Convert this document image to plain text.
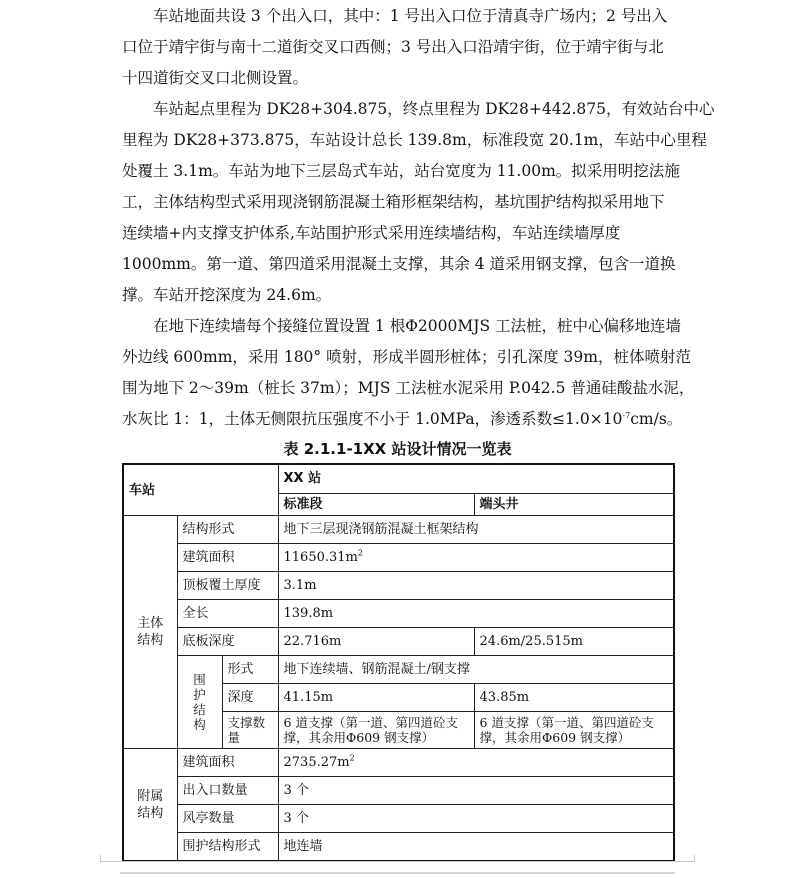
车站地面共设 3 个出入口，其中：1 号出入口位于清真寺广场内；2 号出入
口位于靖宇街与南十二道街交叉口西侧；3 号出入口沿靖宇街，位于靖宇街与北
十四道街交叉口北侧设置。
车站起点里程为 DK28+304.875，终点里程为 DK28+442.875，有效站台中心
里程为 DK28+373.875，车站设计总长 139.8m，标准段宽 20.1m，车站中心里程
处覆土 3.1m。车站为地下三层岛式车站，站台宽度为 11.00m。拟采用明挖法施
工，主体结构型式采用现浇钢筋混凝土箱形框架结构，基坑围护结构拟采用地下
连续墙+内支撑支护体系,车站围护形式采用连续墙结构，车站连续墙厚度
1000mm。第一道、第四道采用混凝土支撑，其余 4 道采用钢支撑，包含一道换
撑。车站开挖深度为 24.6m。
在地下连续墙每个接缝位置设置 1 根Φ2000MJS 工法桩，桩中心偏移地连墙
外边线 600mm，采用 180° 喷射，形成半圆形桩体；引孔深度 39m，桩体喷射范
围为地下 2～39m（桩长 37m）；MJS 工法桩水泥采用 P.042.5 普通硅酸盐水泥，
水灰比 1：1，土体无侧限抗压强度不小于 1.0MPa，渗透系数$\le 1.0\times 10^{-7}cm/s$。
表 2.1.1-1XX 站设计情况一览表
车站			XX 站	
			标准段	端头井
主体结构	结构形式		地下三层现浇钢筋混凝土框架结构	
	建筑面积		$11650.31m^2$
	顶板覆土厚度		3.1m	
	全长		139.8m	
	底板深度		22.716m	24.6m/25.515m
	围护结构	形式	地下连续墙、钢筋混凝土/钢支撑	
		深度	41.15m	43.85m
		支撑数量	6 道支撑（第一道、第四道砼支撑，其余用Φ609 钢支撑）	6 道支撑（第一道、第四道砼支撑，其余用Φ609 钢支撑）
附属结构	建筑面积		$2735.27m^2$
	出入口数量		3 个	
	风亭数量		3 个	
	围护结构形式		地连墙	
